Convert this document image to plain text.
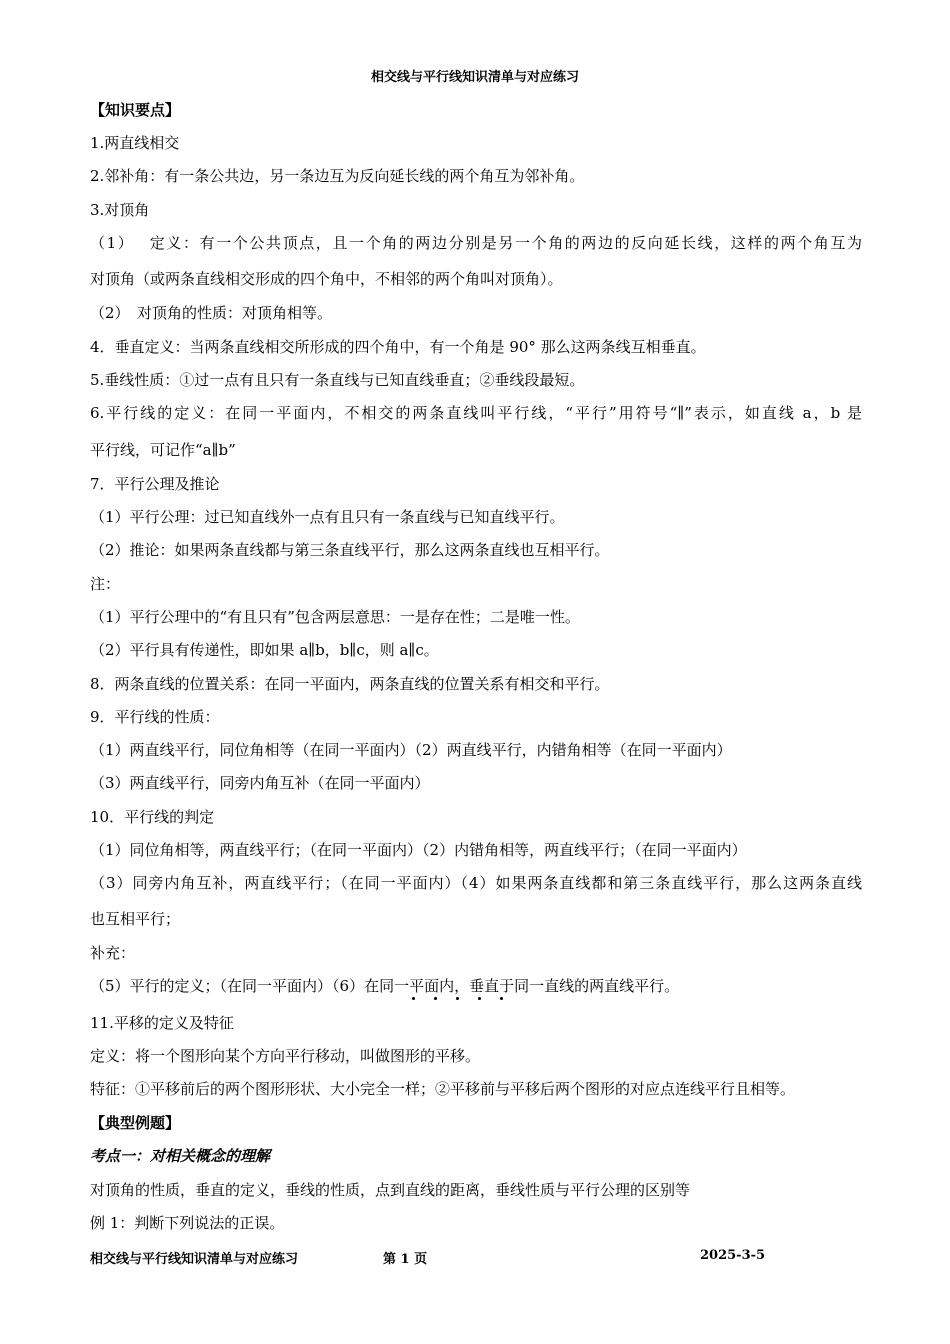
相交线与平行线知识清单与对应练习
【知识要点】
1.两直线相交
2.邻补角：有一条公共边，另一条边互为反向延长线的两个角互为邻补角。
3.对顶角
（1）　 定义：有一个公共顶点，且一个角的两边分别是另一个角的两边的反向延长线，这样的两个角互为
对顶角（或两条直线相交形成的四个角中，不相邻的两个角叫对顶角）。
（2）　对顶角的性质：对顶角相等。
4．垂直定义：当两条直线相交所形成的四个角中，有一个角是 90° 那么这两条线互相垂直。
5.垂线性质：①过一点有且只有一条直线与已知直线垂直；②垂线段最短。
6.平行线的定义：在同一平面内，不相交的两条直线叫平行线，“平行”用符号“∥”表示，如直线 a，b 是
平行线，可记作“a∥b”
7．平行公理及推论
（1）平行公理：过已知直线外一点有且只有一条直线与已知直线平行。
（2）推论：如果两条直线都与第三条直线平行，那么这两条直线也互相平行。
注：
（1）平行公理中的“有且只有”包含两层意思：一是存在性；二是唯一性。
（2）平行具有传递性，即如果 a∥b，b∥c，则 a∥c。
8．两条直线的位置关系：在同一平面内，两条直线的位置关系有相交和平行。
9．平行线的性质：
（1）两直线平行，同位角相等（在同一平面内）（2）两直线平行，内错角相等（在同一平面内）
（3）两直线平行，同旁内角互补（在同一平面内）
10．平行线的判定
（1）同位角相等，两直线平行；（在同一平面内）（2）内错角相等，两直线平行；（在同一平面内）
（3）同旁内角互补，两直线平行；（在同一平面内）（4）如果两条直线都和第三条直线平行，那么这两条直线
也互相平行；
补充：
（5）平行的定义；（在同一平面内）（6）在同一平面内，垂直于同一直线的两直线平行。
11.平移的定义及特征
定义：将一个图形向某个方向平行移动，叫做图形的平移。
特征：①平移前后的两个图形形状、大小完全一样；②平移前与平移后两个图形的对应点连线平行且相等。
【典型例题】
考点一：对相关概念的理解
对顶角的性质，垂直的定义，垂线的性质，点到直线的距离，垂线性质与平行公理的区别等
例 1：判断下列说法的正误。
相交线与平行线知识清单与对应练习	第 1 页	2025-3-5
